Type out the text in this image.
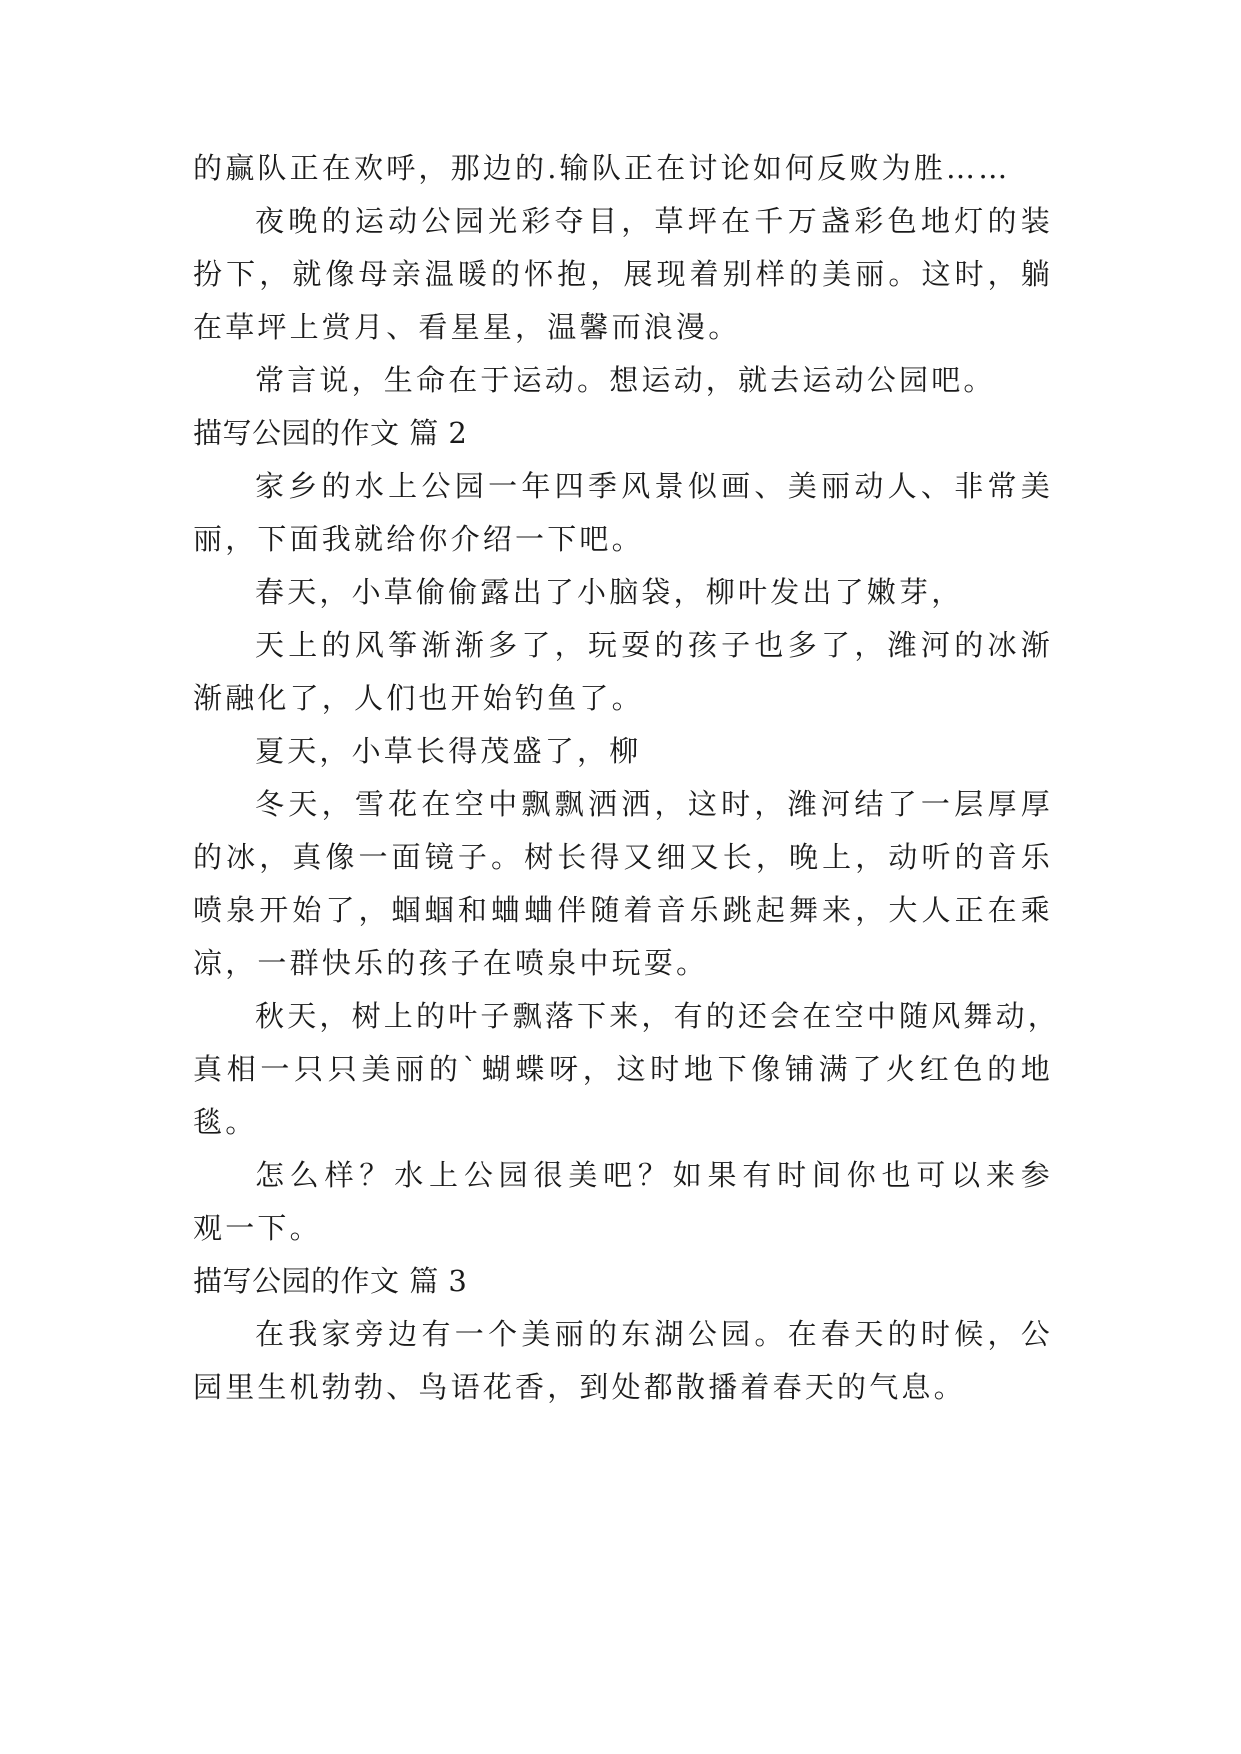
的赢队正在欢呼，那边的.输队正在讨论如何反败为胜……
夜晚的运动公园光彩夺目，草坪在千万盏彩色地灯的装
扮下，就像母亲温暖的怀抱，展现着别样的美丽。这时，躺
在草坪上赏月、看星星，温馨而浪漫。
常言说，生命在于运动。想运动，就去运动公园吧。
描写公园的作文 篇 2
家乡的水上公园一年四季风景似画、美丽动人、非常美
丽，下面我就给你介绍一下吧。
春天，小草偷偷露出了小脑袋，柳叶发出了嫩芽，
天上的风筝渐渐多了，玩耍的孩子也多了，潍河的冰渐
渐融化了，人们也开始钓鱼了。
夏天，小草长得茂盛了，柳
冬天，雪花在空中飘飘洒洒，这时，潍河结了一层厚厚
的冰，真像一面镜子。树长得又细又长，晚上，动听的音乐
喷泉开始了，蝈蝈和蛐蛐伴随着音乐跳起舞来，大人正在乘
凉，一群快乐的孩子在喷泉中玩耍。
秋天，树上的叶子飘落下来，有的还会在空中随风舞动，
真相一只只美丽的`蝴蝶呀，这时地下像铺满了火红色的地
毯。
怎么样？水上公园很美吧？如果有时间你也可以来参
观一下。
描写公园的作文 篇 3
在我家旁边有一个美丽的东湖公园。在春天的时候，公
园里生机勃勃、鸟语花香，到处都散播着春天的气息。
